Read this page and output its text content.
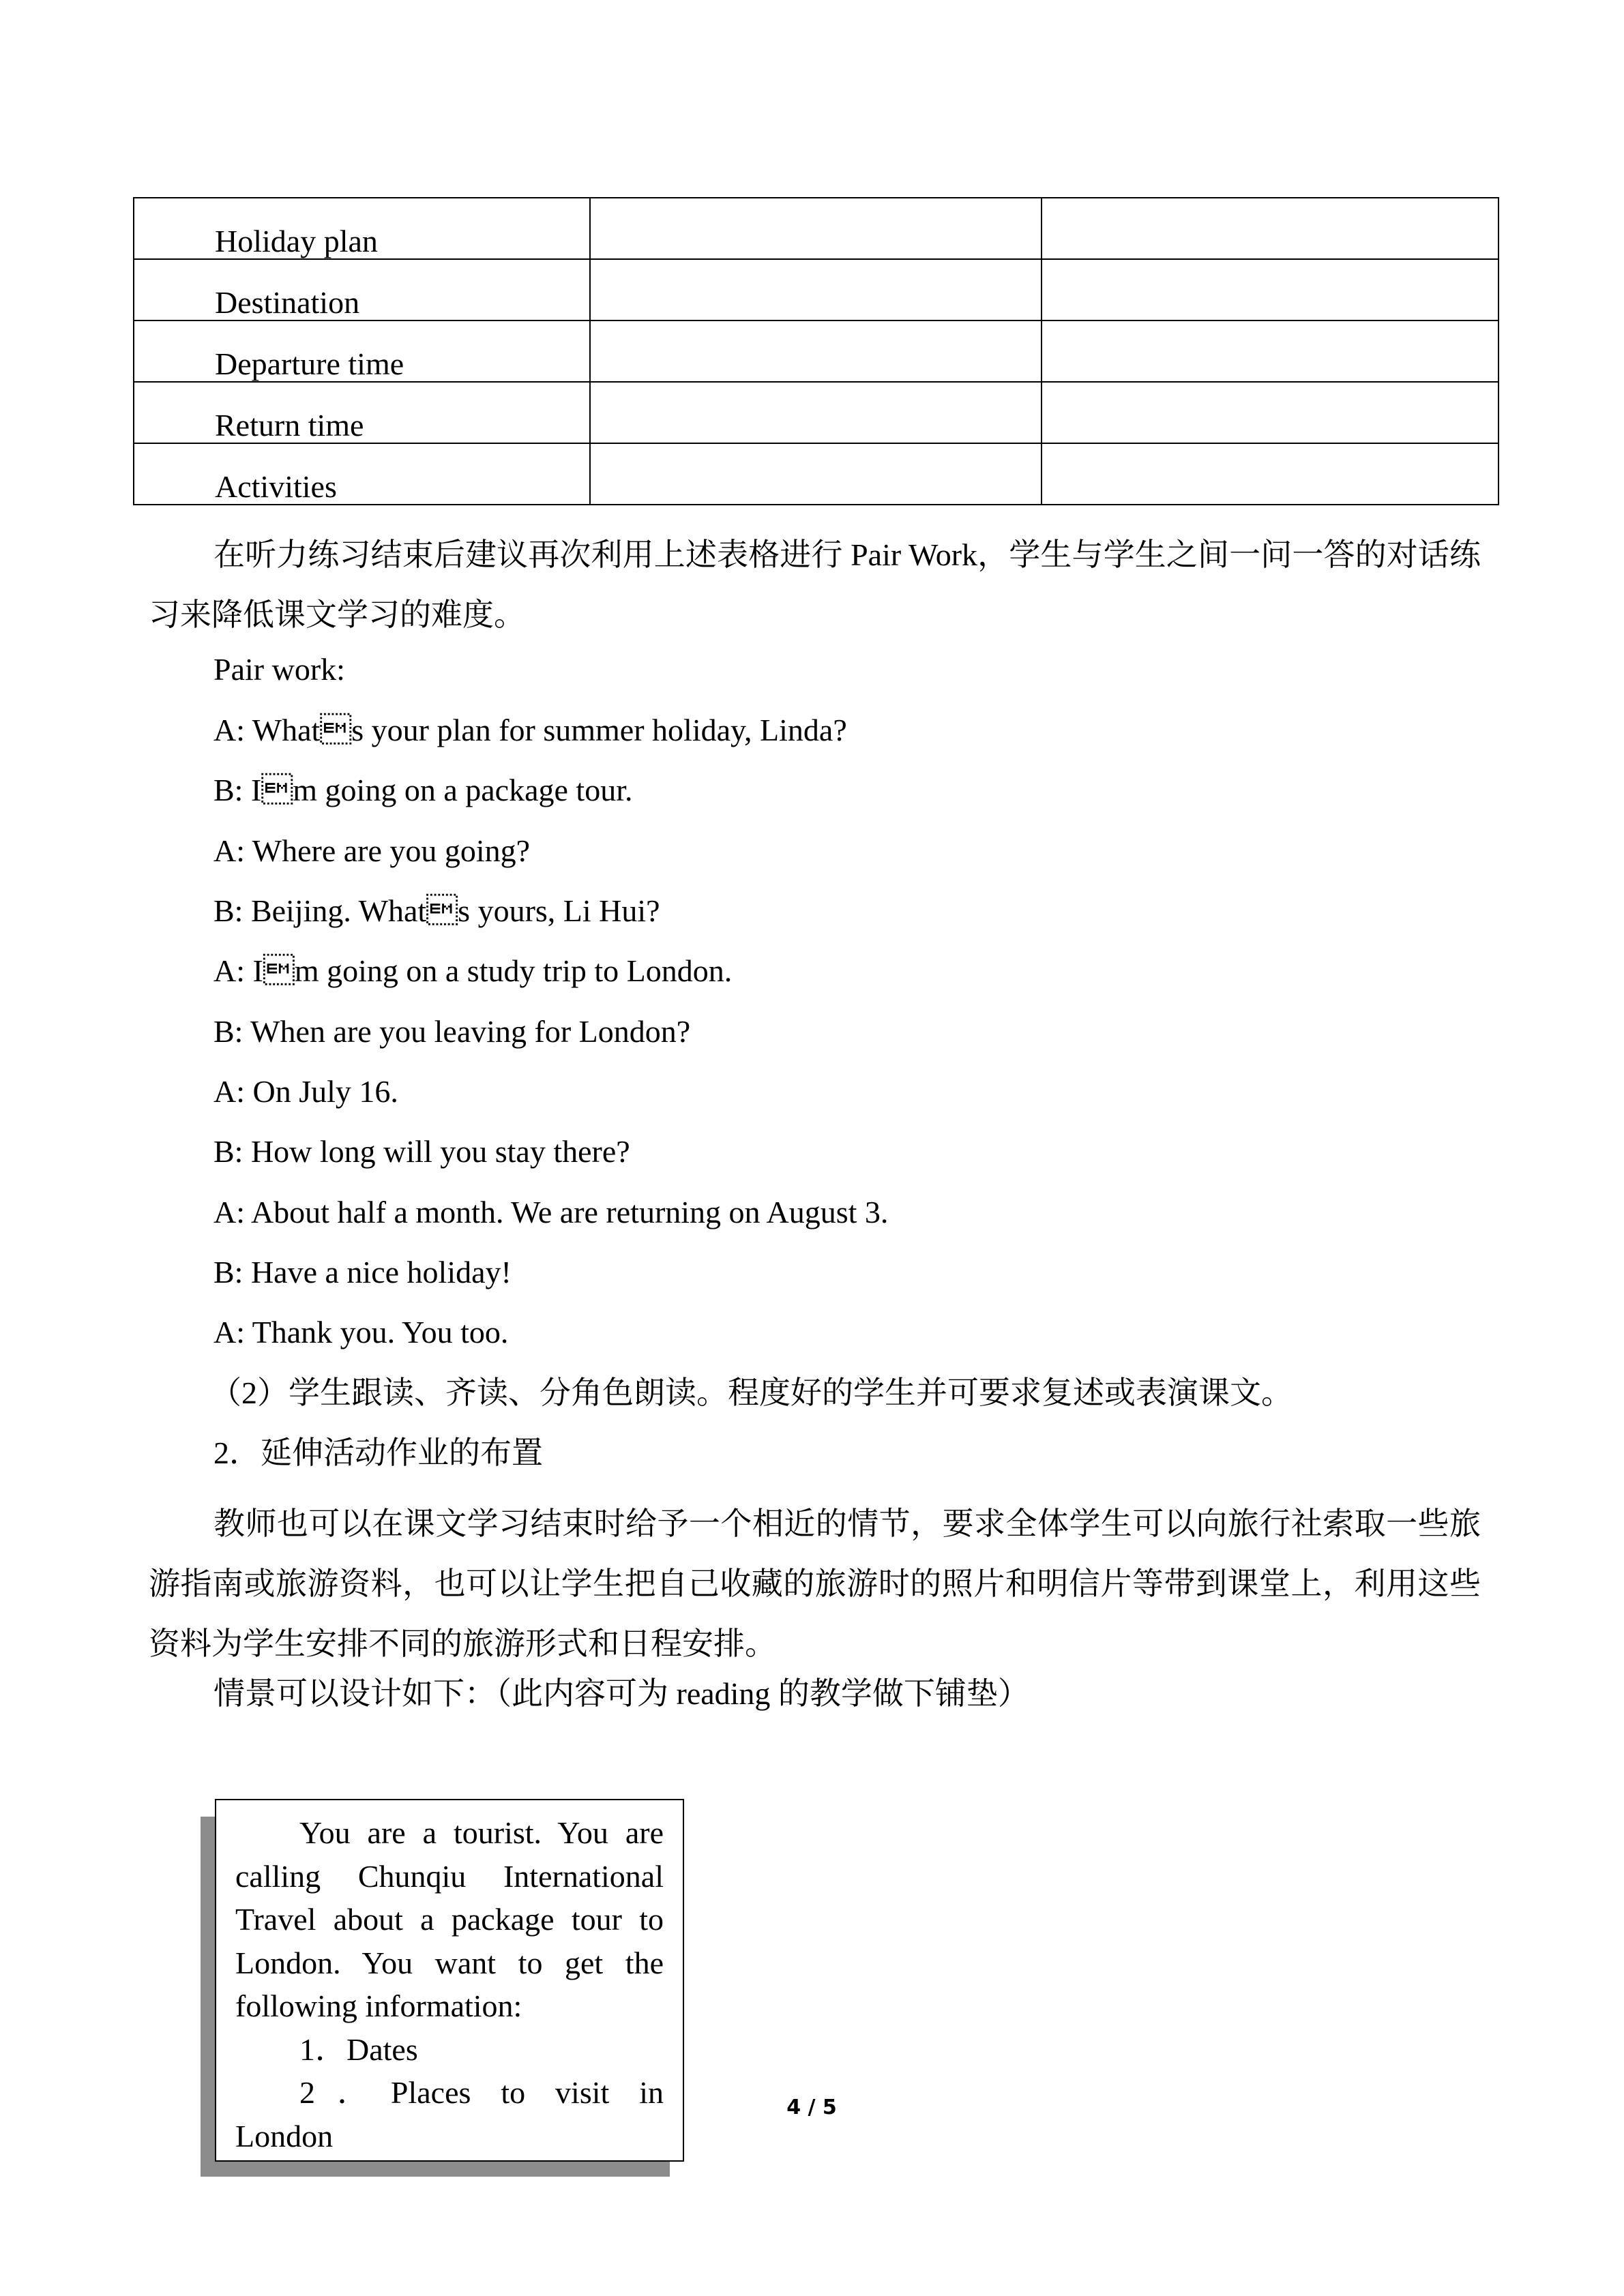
Holiday plan		
Destination		
Departure time		
Return time		
Activities		

在听力练习结束后建议再次利用上述表格进行 Pair Work，学生与学生之间一问一答的对话练习来降低课文学习的难度。

Pair work:
A: Whats your plan for summer holiday, Linda?
B: Im going on a package tour.
A: Where are you going?
B: Beijing. Whats yours, Li Hui?
A: Im going on a study trip to London.
B: When are you leaving for London?
A: On July 16.
B: How long will you stay there?
A: About half a month. We are returning on August 3.
B: Have a nice holiday!
A: Thank you. You too.
（2）学生跟读、齐读、分角色朗读。程度好的学生并可要求复述或表演课文。
2．延伸活动作业的布置

教师也可以在课文学习结束时给予一个相近的情节，要求全体学生可以向旅行社索取一些旅游指南或旅游资料，也可以让学生把自己收藏的旅游时的照片和明信片等带到课堂上，利用这些资料为学生安排不同的旅游形式和日程安排。

情景可以设计如下：（此内容可为 reading 的教学做下铺垫）
You are a tourist. You are
calling Chunqiu International
Travel about a package tour to
London. You want to get the
following information:
1．Dates
2．Places to visit in
London
4 / 5
